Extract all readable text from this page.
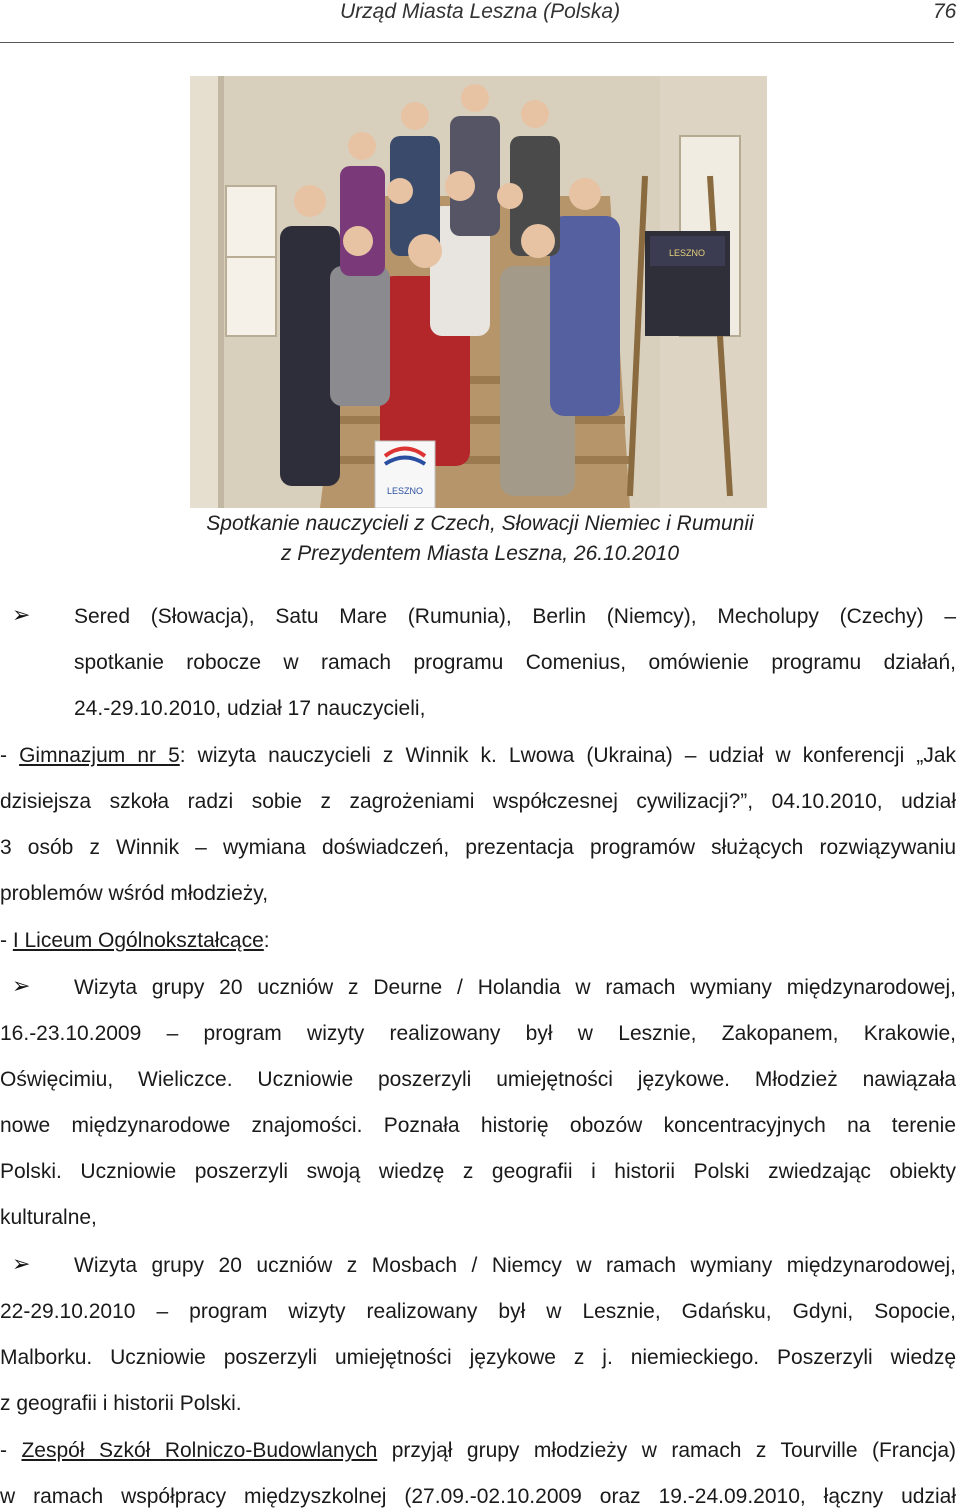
Urząd Miasta Leszna (Polska)	76
LESZNO
LESZNO
Spotkanie nauczycieli z Czech, Słowacji Niemiec i Rumunii
z Prezydentem Miasta Leszna, 26.10.2010
➢ Sered (Słowacja), Satu Mare (Rumunia), Berlin (Niemcy), Mecholupy (Czechy) –
spotkanie robocze w ramach programu Comenius, omówienie programu działań,
24.-29.10.2010, udział 17 nauczycieli,
- Gimnazjum nr 5: wizyta nauczycieli z Winnik k. Lwowa (Ukraina) – udział w konferencji „Jak
dzisiejsza szkoła radzi sobie z zagrożeniami współczesnej cywilizacji?”, 04.10.2010, udział
3 osób z Winnik – wymiana doświadczeń, prezentacja programów służących rozwiązywaniu
problemów wśród młodzieży,
- I Liceum Ogólnokształcące:
➢ Wizyta grupy 20 uczniów z Deurne / Holandia w ramach wymiany międzynarodowej,
16.-23.10.2009 – program wizyty realizowany był w Lesznie, Zakopanem, Krakowie,
Oświęcimiu, Wieliczce. Uczniowie poszerzyli umiejętności językowe. Młodzież nawiązała
nowe międzynarodowe znajomości. Poznała historię obozów koncentracyjnych na terenie
Polski. Uczniowie poszerzyli swoją wiedzę z geografii i historii Polski zwiedzając obiekty
kulturalne,
➢ Wizyta grupy 20 uczniów z Mosbach / Niemcy w ramach wymiany międzynarodowej,
22-29.10.2010 – program wizyty realizowany był w Lesznie, Gdańsku, Gdyni, Sopocie,
Malborku. Uczniowie poszerzyli umiejętności językowe z j. niemieckiego. Poszerzyli wiedzę
z geografii i historii Polski.
- Zespół Szkół Rolniczo-Budowlanych przyjął grupy młodzieży w ramach z Tourville (Francja)
w ramach współpracy międzyszkolnej (27.09.-02.10.2009 oraz 19.-24.09.2010, łączny udział
